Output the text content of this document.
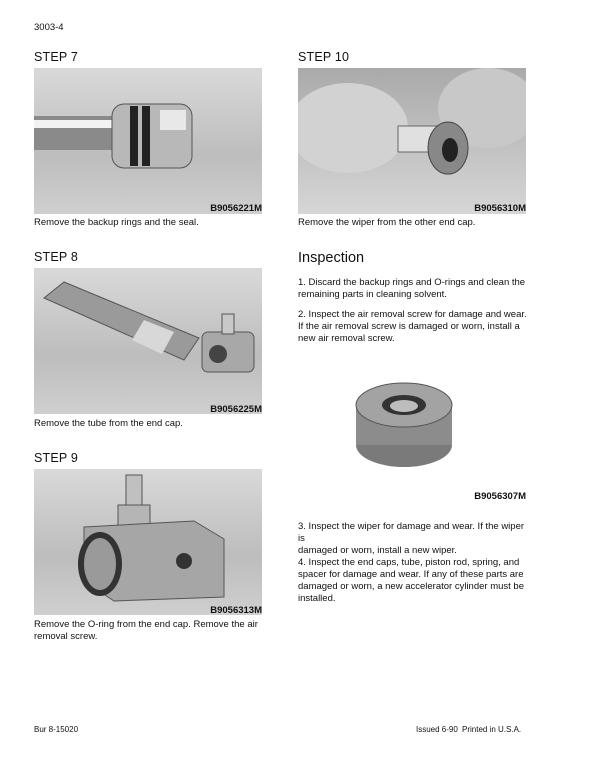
3003-4
STEP 7
B9056221M
Remove the backup rings and the seal.
STEP 8
B9056225M
Remove the tube from the end cap.
STEP 9
B9056313M
Remove the O-ring from the end cap. Remove the air
removal screw.
STEP 10
B9056310M
Remove the wiper from the other end cap.
Inspection
1. Discard the backup rings and O-rings and clean the
remaining parts in cleaning solvent.
2. Inspect the air removal screw for damage and wear.
If the air removal screw is damaged or worn, install a
new air removal screw.
B9056307M
3. Inspect the wiper for damage and wear. If the wiper is
damaged or worn, install a new wiper.
4. Inspect the end caps, tube, piston rod, spring, and
spacer for damage and wear. If any of these parts are
damaged or worn, a new accelerator cylinder must be
installed.
Bur 8-15020	Issued 6-90 Printed in U.S.A.
